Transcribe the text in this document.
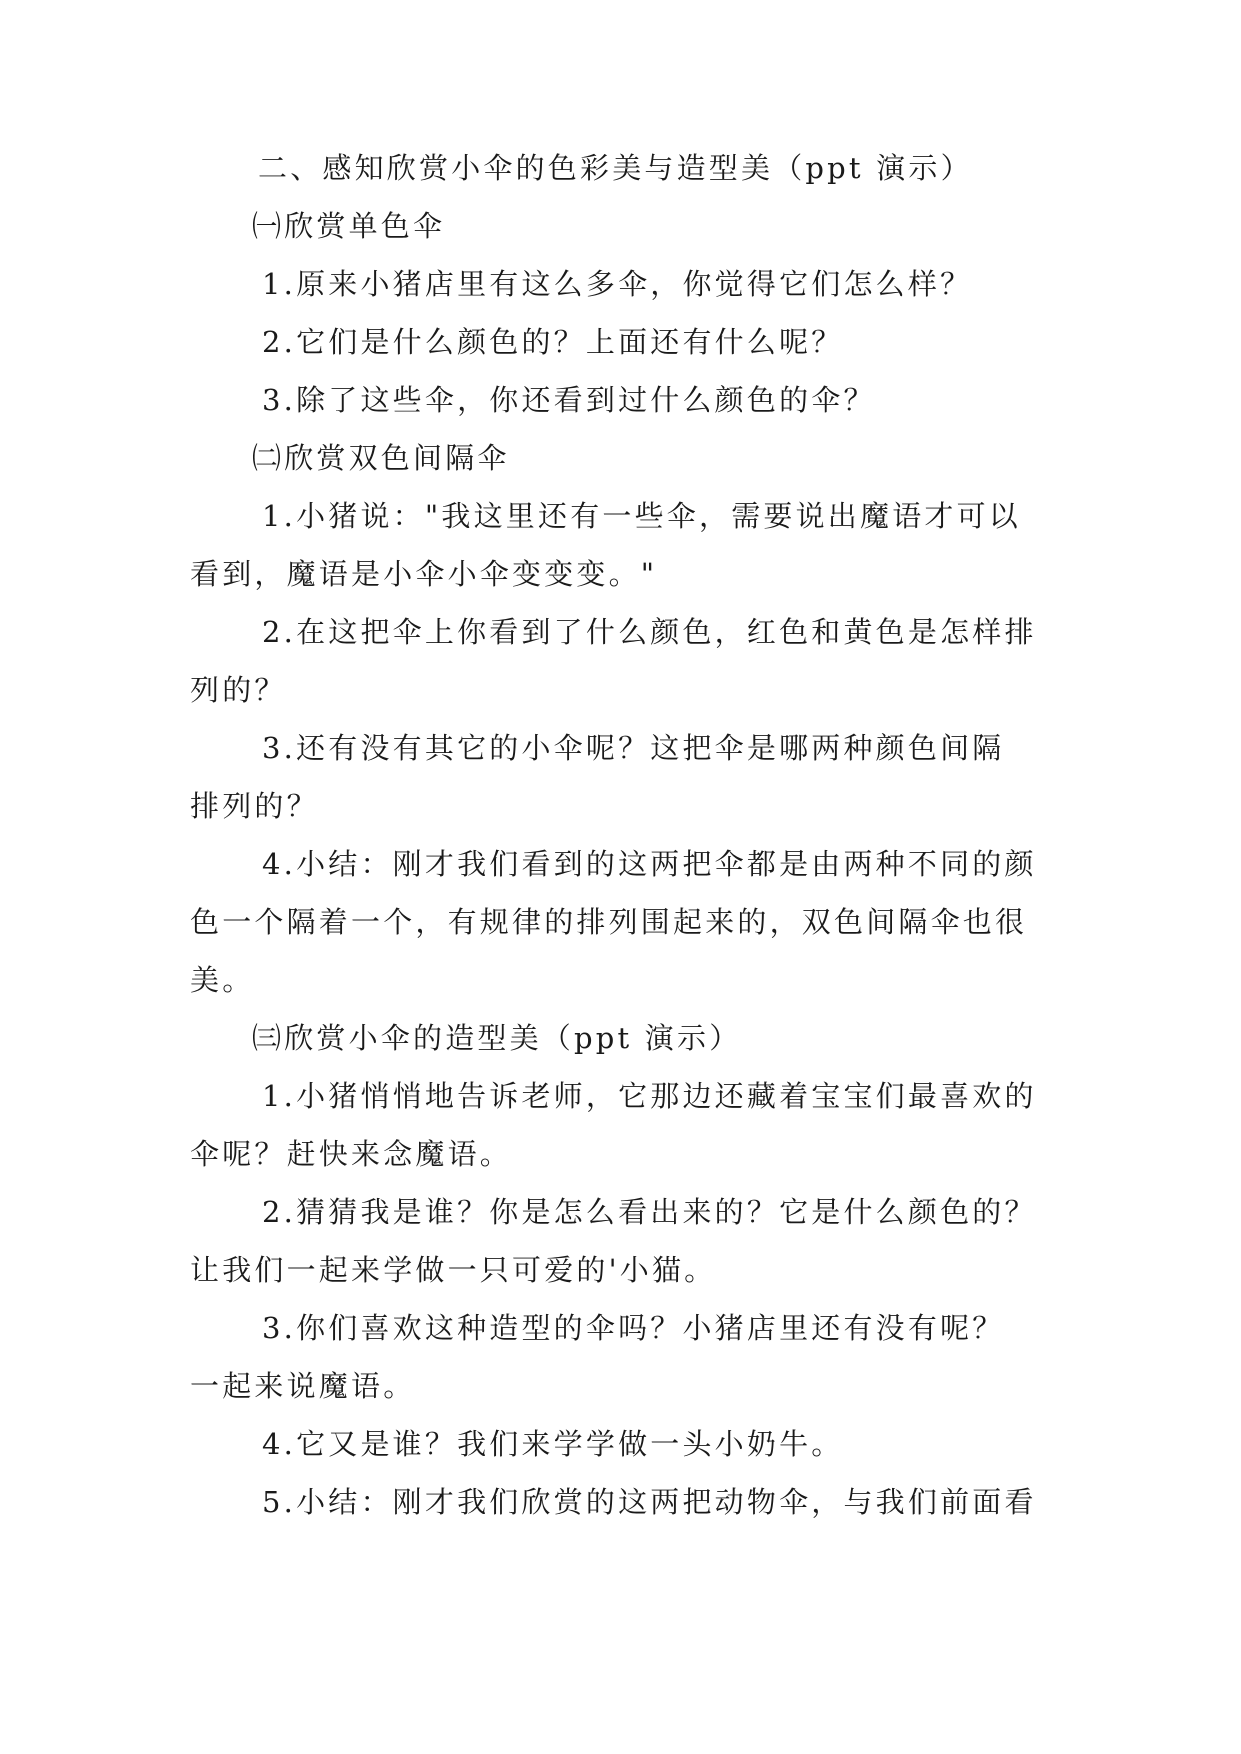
二、感知欣赏小伞的色彩美与造型美（ppt 演示）
㈠欣赏单色伞
1.原来小猪店里有这么多伞，你觉得它们怎么样？
2.它们是什么颜色的？上面还有什么呢？
3.除了这些伞，你还看到过什么颜色的伞？
㈡欣赏双色间隔伞
1.小猪说："我这里还有一些伞，需要说出魔语才可以
看到，魔语是小伞小伞变变变。"
2.在这把伞上你看到了什么颜色，红色和黄色是怎样排
列的？
3.还有没有其它的小伞呢？这把伞是哪两种颜色间隔
排列的？
4.小结：刚才我们看到的这两把伞都是由两种不同的颜
色一个隔着一个，有规律的排列围起来的，双色间隔伞也很
美。
㈢欣赏小伞的造型美（ppt 演示）
1.小猪悄悄地告诉老师，它那边还藏着宝宝们最喜欢的
伞呢？赶快来念魔语。
2.猜猜我是谁？你是怎么看出来的？它是什么颜色的？
让我们一起来学做一只可爱的'小猫。
3.你们喜欢这种造型的伞吗？小猪店里还有没有呢？
一起来说魔语。
4.它又是谁？我们来学学做一头小奶牛。
5.小结：刚才我们欣赏的这两把动物伞，与我们前面看
